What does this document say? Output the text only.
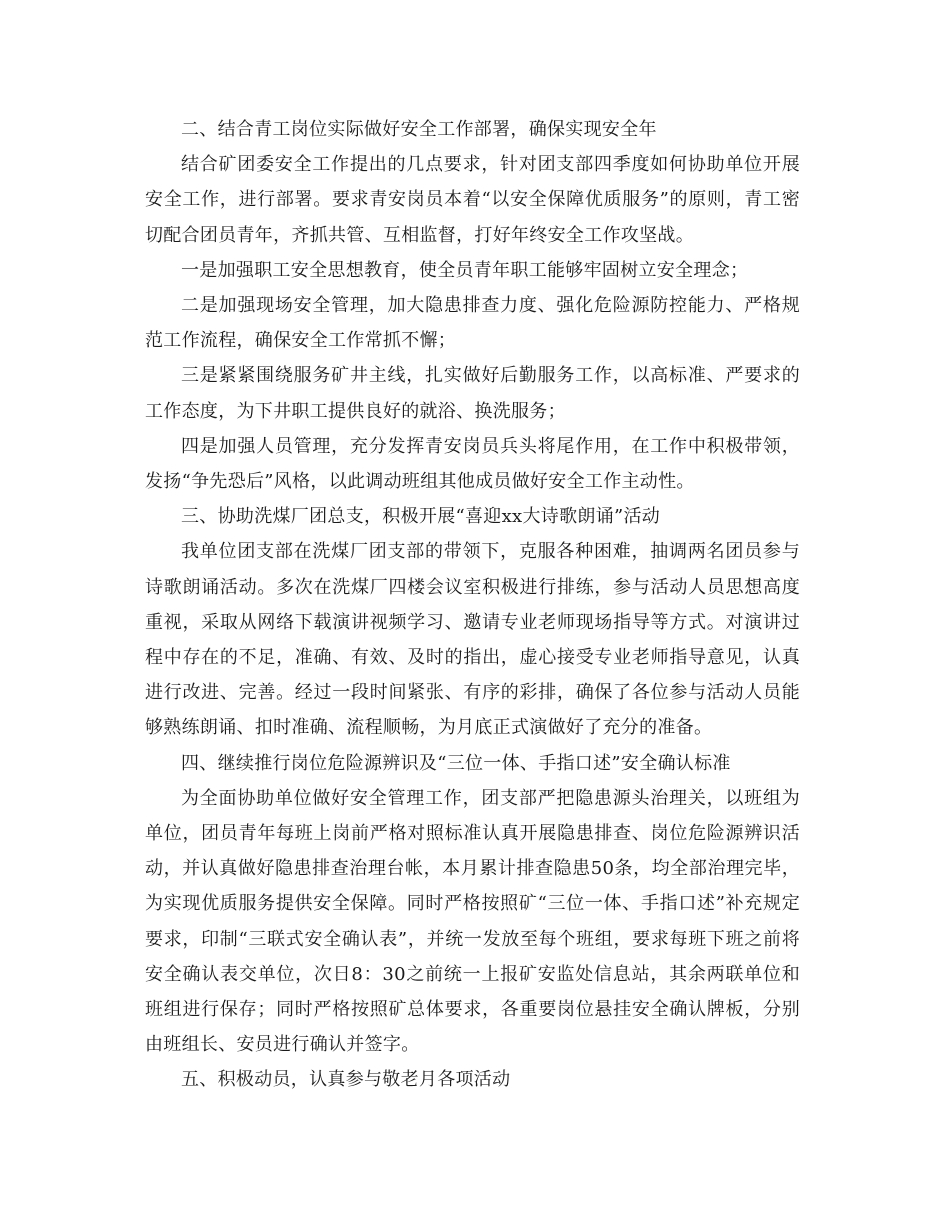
二、结合青工岗位实际做好安全工作部署，确保实现安全年

结合矿团委安全工作提出的几点要求，针对团支部四季度如何协助单位开展安全工作，进行部署。要求青安岗员本着“以安全保障优质服务”的原则，青工密切配合团员青年，齐抓共管、互相监督，打好年终安全工作攻坚战。

一是加强职工安全思想教育，使全员青年职工能够牢固树立安全理念；

二是加强现场安全管理，加大隐患排查力度、强化危险源防控能力、严格规范工作流程，确保安全工作常抓不懈；

三是紧紧围绕服务矿井主线，扎实做好后勤服务工作，以高标准、严要求的工作态度，为下井职工提供良好的就浴、换洗服务；

四是加强人员管理，充分发挥青安岗员兵头将尾作用，在工作中积极带领，发扬“争先恐后”风格，以此调动班组其他成员做好安全工作主动性。

三、协助洗煤厂团总支，积极开展“喜迎xx大诗歌朗诵”活动

我单位团支部在洗煤厂团支部的带领下，克服各种困难，抽调两名团员参与诗歌朗诵活动。多次在洗煤厂四楼会议室积极进行排练，参与活动人员思想高度重视，采取从网络下载演讲视频学习、邀请专业老师现场指导等方式。对演讲过程中存在的不足，准确、有效、及时的指出，虚心接受专业老师指导意见，认真进行改进、完善。经过一段时间紧张、有序的彩排，确保了各位参与活动人员能够熟练朗诵、扣时准确、流程顺畅，为月底正式演做好了充分的准备。

四、继续推行岗位危险源辨识及“三位一体、手指口述”安全确认标准

为全面协助单位做好安全管理工作，团支部严把隐患源头治理关，以班组为单位，团员青年每班上岗前严格对照标准认真开展隐患排查、岗位危险源辨识活动，并认真做好隐患排查治理台帐，本月累计排查隐患50条，均全部治理完毕，为实现优质服务提供安全保障。同时严格按照矿“三位一体、手指口述”补充规定要求，印制“三联式安全确认表”，并统一发放至每个班组，要求每班下班之前将安全确认表交单位，次日8：30之前统一上报矿安监处信息站，其余两联单位和班组进行保存；同时严格按照矿总体要求，各重要岗位悬挂安全确认牌板，分别由班组长、安员进行确认并签字。

五、积极动员，认真参与敬老月各项活动
